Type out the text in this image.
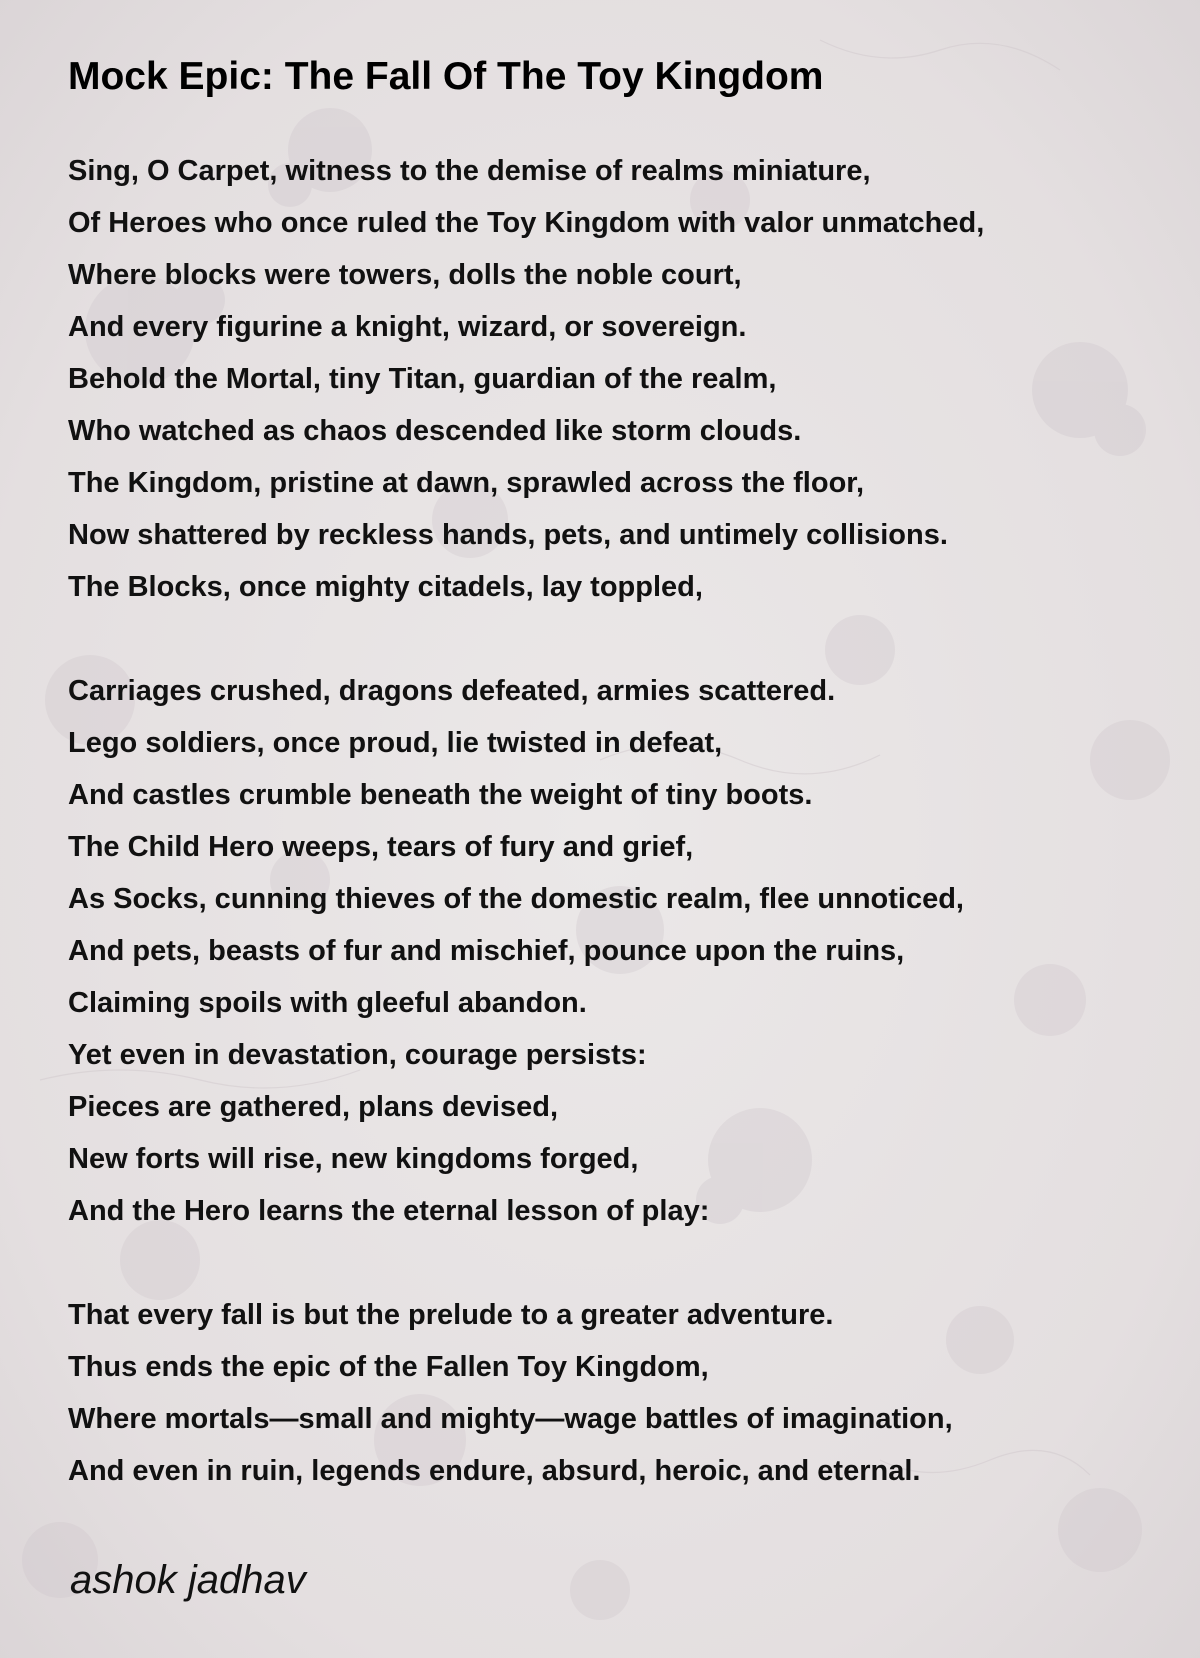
Mock Epic: The Fall Of The Toy Kingdom
Sing, O Carpet, witness to the demise of realms miniature,
Of Heroes who once ruled the Toy Kingdom with valor unmatched,
Where blocks were towers, dolls the noble court,
And every figurine a knight, wizard, or sovereign.
Behold the Mortal, tiny Titan, guardian of the realm,
Who watched as chaos descended like storm clouds.
The Kingdom, pristine at dawn, sprawled across the floor,
Now shattered by reckless hands, pets, and untimely collisions.
The Blocks, once mighty citadels, lay toppled,
Carriages crushed, dragons defeated, armies scattered.
Lego soldiers, once proud, lie twisted in defeat,
And castles crumble beneath the weight of tiny boots.
The Child Hero weeps, tears of fury and grief,
As Socks, cunning thieves of the domestic realm, flee unnoticed,
And pets, beasts of fur and mischief, pounce upon the ruins,
Claiming spoils with gleeful abandon.
Yet even in devastation, courage persists:
Pieces are gathered, plans devised,
New forts will rise, new kingdoms forged,
And the Hero learns the eternal lesson of play:
That every fall is but the prelude to a greater adventure.
Thus ends the epic of the Fallen Toy Kingdom,
Where mortals—small and mighty—wage battles of imagination,
And even in ruin, legends endure, absurd, heroic, and eternal.
ashok jadhav
